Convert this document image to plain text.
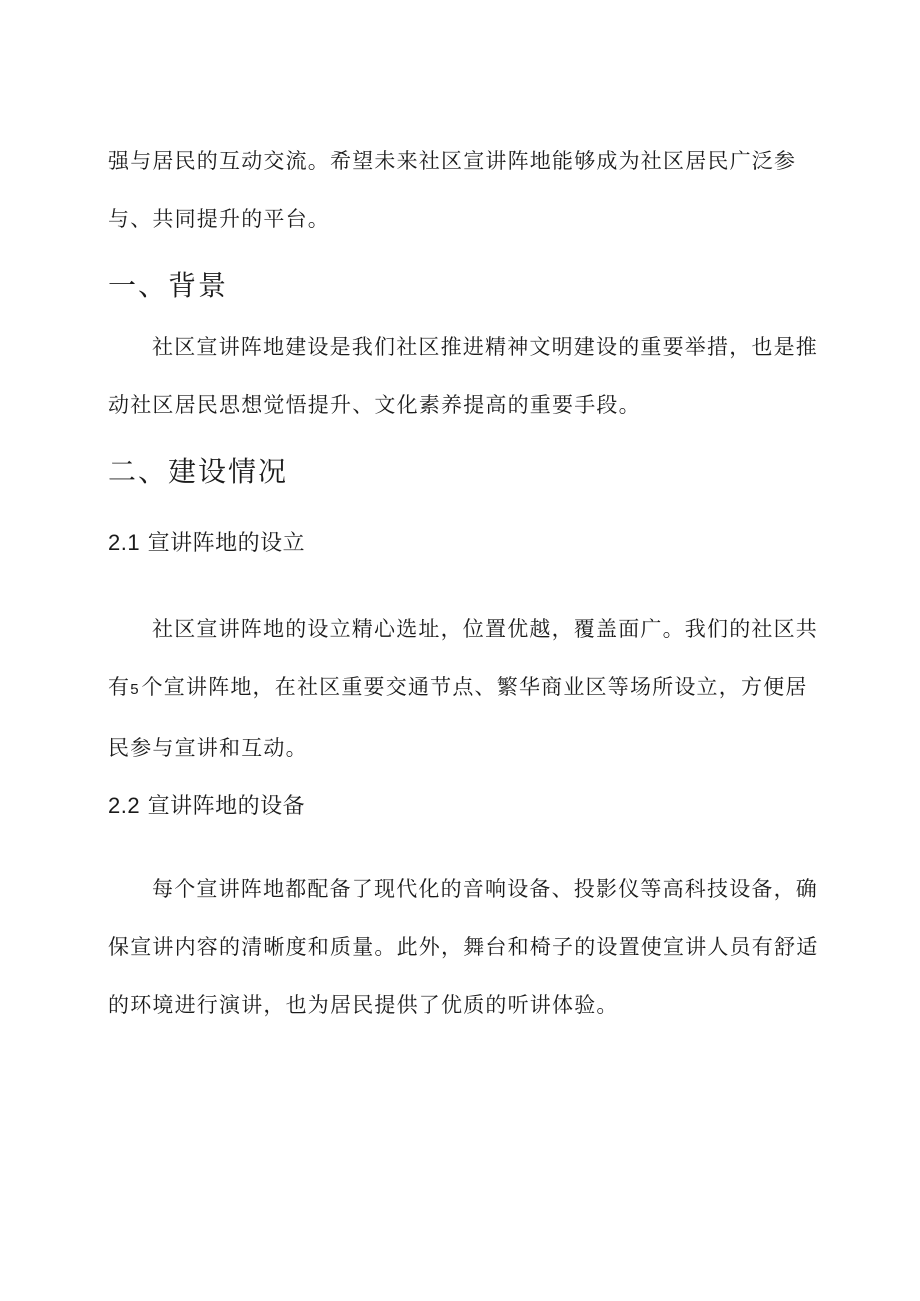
强与居民的互动交流。希望未来社区宣讲阵地能够成为社区居民广泛参与、共同提升的平台。

一、背景

社区宣讲阵地建设是我们社区推进精神文明建设的重要举措，也是推动社区居民思想觉悟提升、文化素养提高的重要手段。

二、建设情况
2.1 宣讲阵地的设立

社区宣讲阵地的设立精心选址，位置优越，覆盖面广。我们的社区共有5 个宣讲阵地，在社区重要交通节点、繁华商业区等场所设立，方便居民参与宣讲和互动。

2.2 宣讲阵地的设备

每个宣讲阵地都配备了现代化的音响设备、投影仪等高科技设备，确保宣讲内容的清晰度和质量。此外，舞台和椅子的设置使宣讲人员有舒适的环境进行演讲，也为居民提供了优质的听讲体验。
